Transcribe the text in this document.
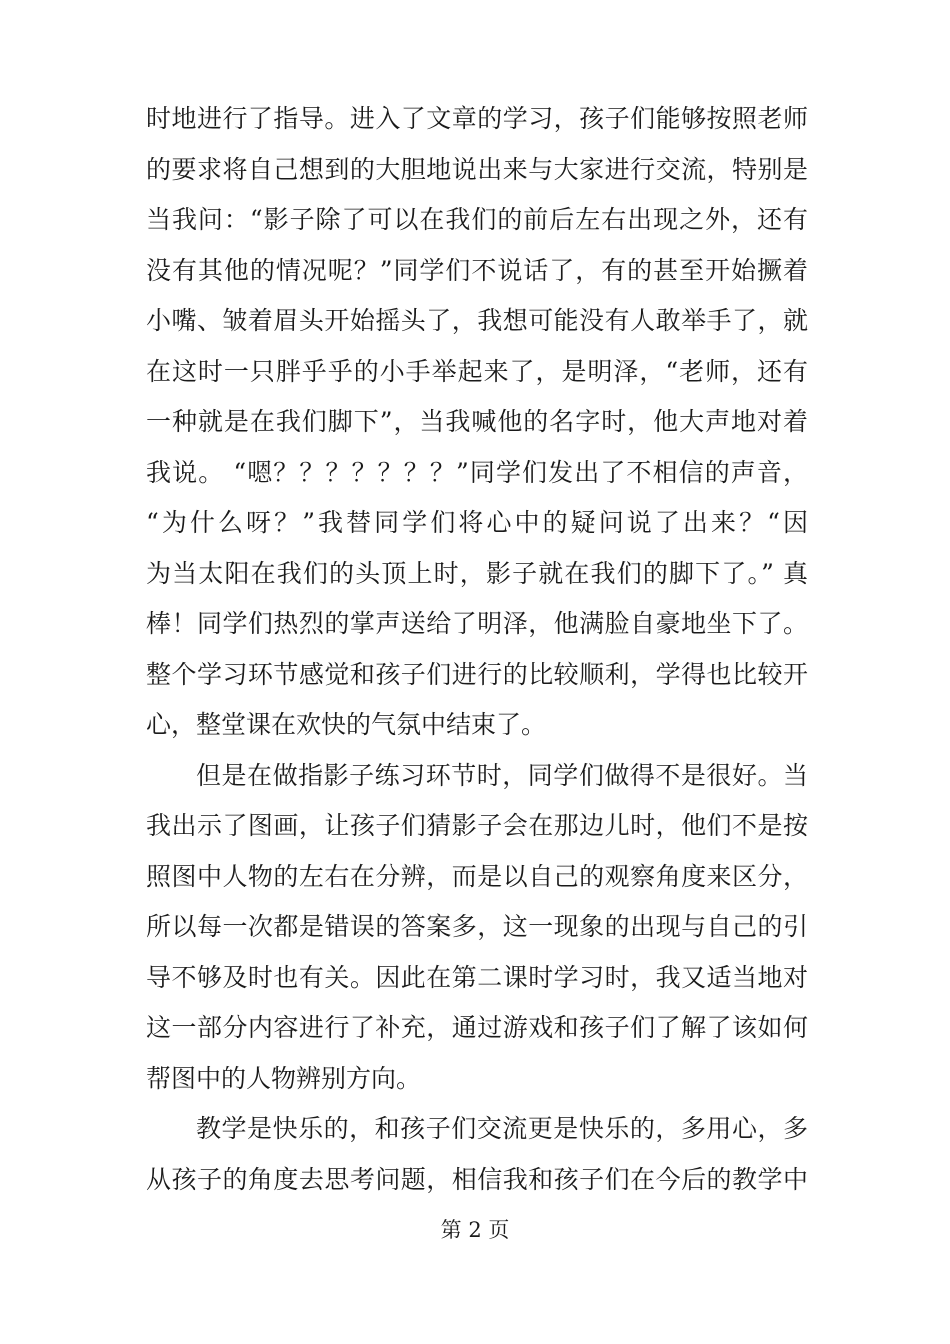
时地进行了指导。进入了文章的学习，孩子们能够按照老师
的要求将自己想到的大胆地说出来与大家进行交流，特别是
当我问：“影子除了可以在我们的前后左右出现之外，还有
没有其他的情况呢？”同学们不说话了，有的甚至开始撅着
小嘴、皱着眉头开始摇头了，我想可能没有人敢举手了，就
在这时一只胖乎乎的小手举起来了，是明泽，“老师，还有
一种就是在我们脚下”，当我喊他的名字时，他大声地对着
我说。 “嗯？？？？？？？”同学们发出了不相信的声音，
“为什么呀？”我替同学们将心中的疑问说了出来？“因
为当太阳在我们的头顶上时，影子就在我们的脚下了。” 真
棒！同学们热烈的掌声送给了明泽，他满脸自豪地坐下了。
整个学习环节感觉和孩子们进行的比较顺利，学得也比较开
心，整堂课在欢快的气氛中结束了。
但是在做指影子练习环节时，同学们做得不是很好。当
我出示了图画，让孩子们猜影子会在那边儿时，他们不是按
照图中人物的左右在分辨，而是以自己的观察角度来区分，
所以每一次都是错误的答案多，这一现象的出现与自己的引
导不够及时也有关。因此在第二课时学习时，我又适当地对
这一部分内容进行了补充，通过游戏和孩子们了解了该如何
帮图中的人物辨别方向。
教学是快乐的，和孩子们交流更是快乐的，多用心，多
从孩子的角度去思考问题，相信我和孩子们在今后的教学中
第 2 页
